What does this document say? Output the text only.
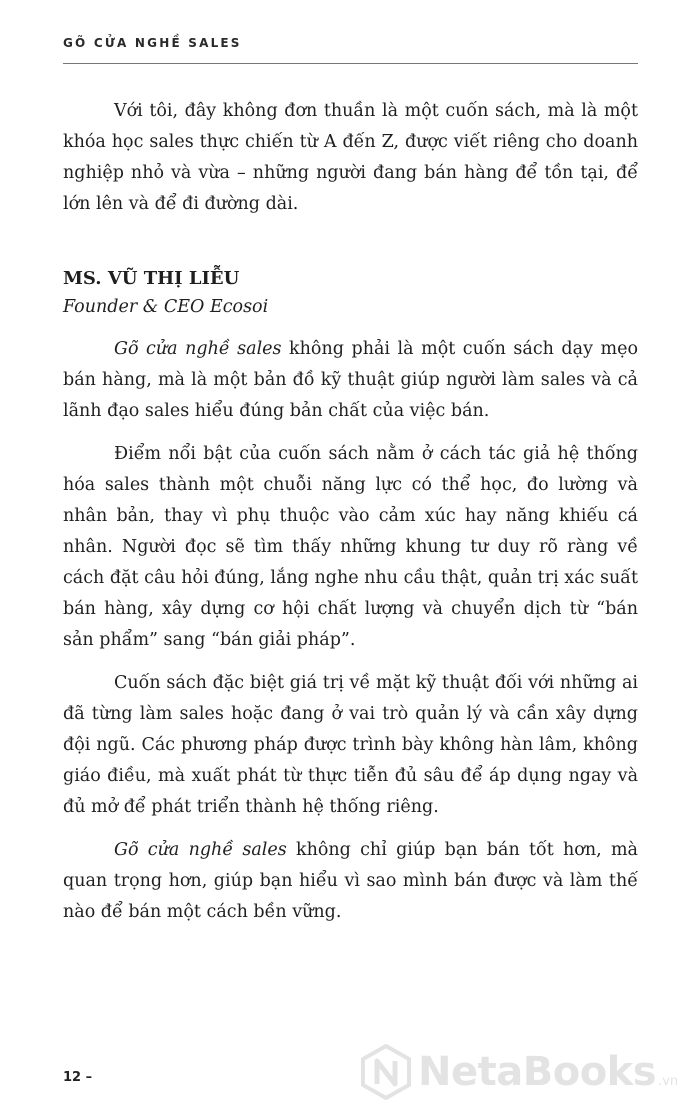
GÕ CỬA NGHỀ SALES

Với tôi, đây không đơn thuần là một cuốn sách, mà là một khóa học sales thực chiến từ A đến Z, được viết riêng cho doanh nghiệp nhỏ và vừa – những người đang bán hàng để tồn tại, để lớn lên và để đi đường dài.

MS. VŨ THỊ LIỄU

Founder & CEO Ecosoi

Gõ cửa nghề sales không phải là một cuốn sách dạy mẹo bán hàng, mà là một bản đồ kỹ thuật giúp người làm sales và cả lãnh đạo sales hiểu đúng bản chất của việc bán.

Điểm nổi bật của cuốn sách nằm ở cách tác giả hệ thống hóa sales thành một chuỗi năng lực có thể học, đo lường và nhân bản, thay vì phụ thuộc vào cảm xúc hay năng khiếu cá nhân. Người đọc sẽ tìm thấy những khung tư duy rõ ràng về cách đặt câu hỏi đúng, lắng nghe nhu cầu thật, quản trị xác suất bán hàng, xây dựng cơ hội chất lượng và chuyển dịch từ “bán sản phẩm” sang “bán giải pháp”.

Cuốn sách đặc biệt giá trị về mặt kỹ thuật đối với những ai đã từng làm sales hoặc đang ở vai trò quản lý và cần xây dựng đội ngũ. Các phương pháp được trình bày không hàn lâm, không giáo điều, mà xuất phát từ thực tiễn đủ sâu để áp dụng ngay và đủ mở để phát triển thành hệ thống riêng.

Gõ cửa nghề sales không chỉ giúp bạn bán tốt hơn, mà quan trọng hơn, giúp bạn hiểu vì sao mình bán được và làm thế nào để bán một cách bền vững.

12 –	NetaBooks .vn
